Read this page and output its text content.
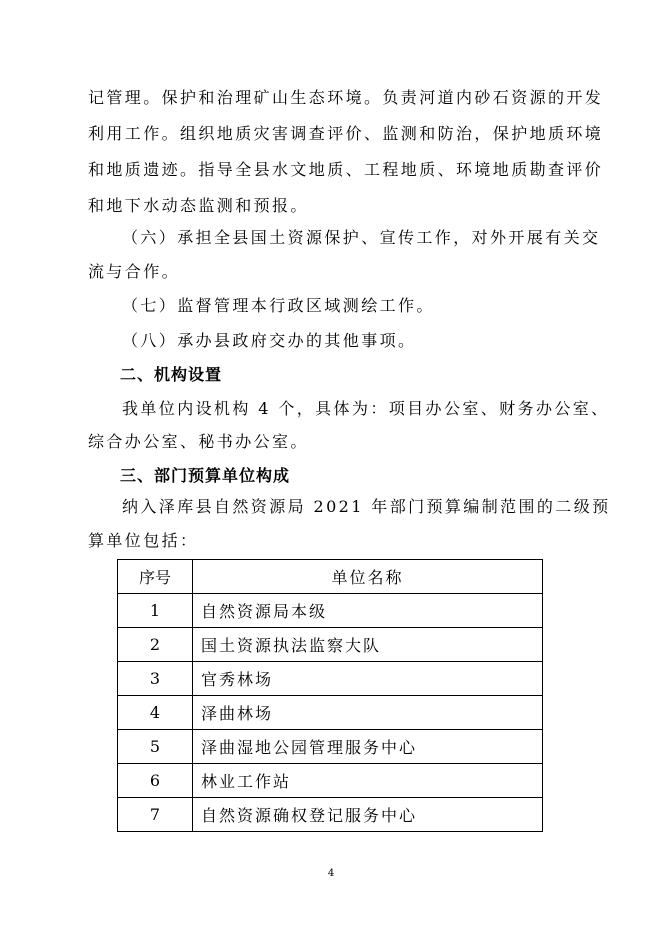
记管理。保护和治理矿山生态环境。负责河道内砂石资源的开发
利用工作。组织地质灾害调查评价、监测和防治，保护地质环境
和地质遗迹。指导全县水文地质、工程地质、环境地质勘查评价
和地下水动态监测和预报。
（六）承担全县国土资源保护、宣传工作，对外开展有关交
流与合作。
（七）监督管理本行政区域测绘工作。
（八）承办县政府交办的其他事项。
二、机构设置
我单位内设机构 4 个，具体为：项目办公室、财务办公室、
综合办公室、秘书办公室。
三、部门预算单位构成
纳入泽库县自然资源局 2021 年部门预算编制范围的二级预
算单位包括：
序号	单位名称
1	自然资源局本级
2	国土资源执法监察大队
3	官秀林场
4	泽曲林场
5	泽曲湿地公园管理服务中心
6	林业工作站
7	自然资源确权登记服务中心
4
